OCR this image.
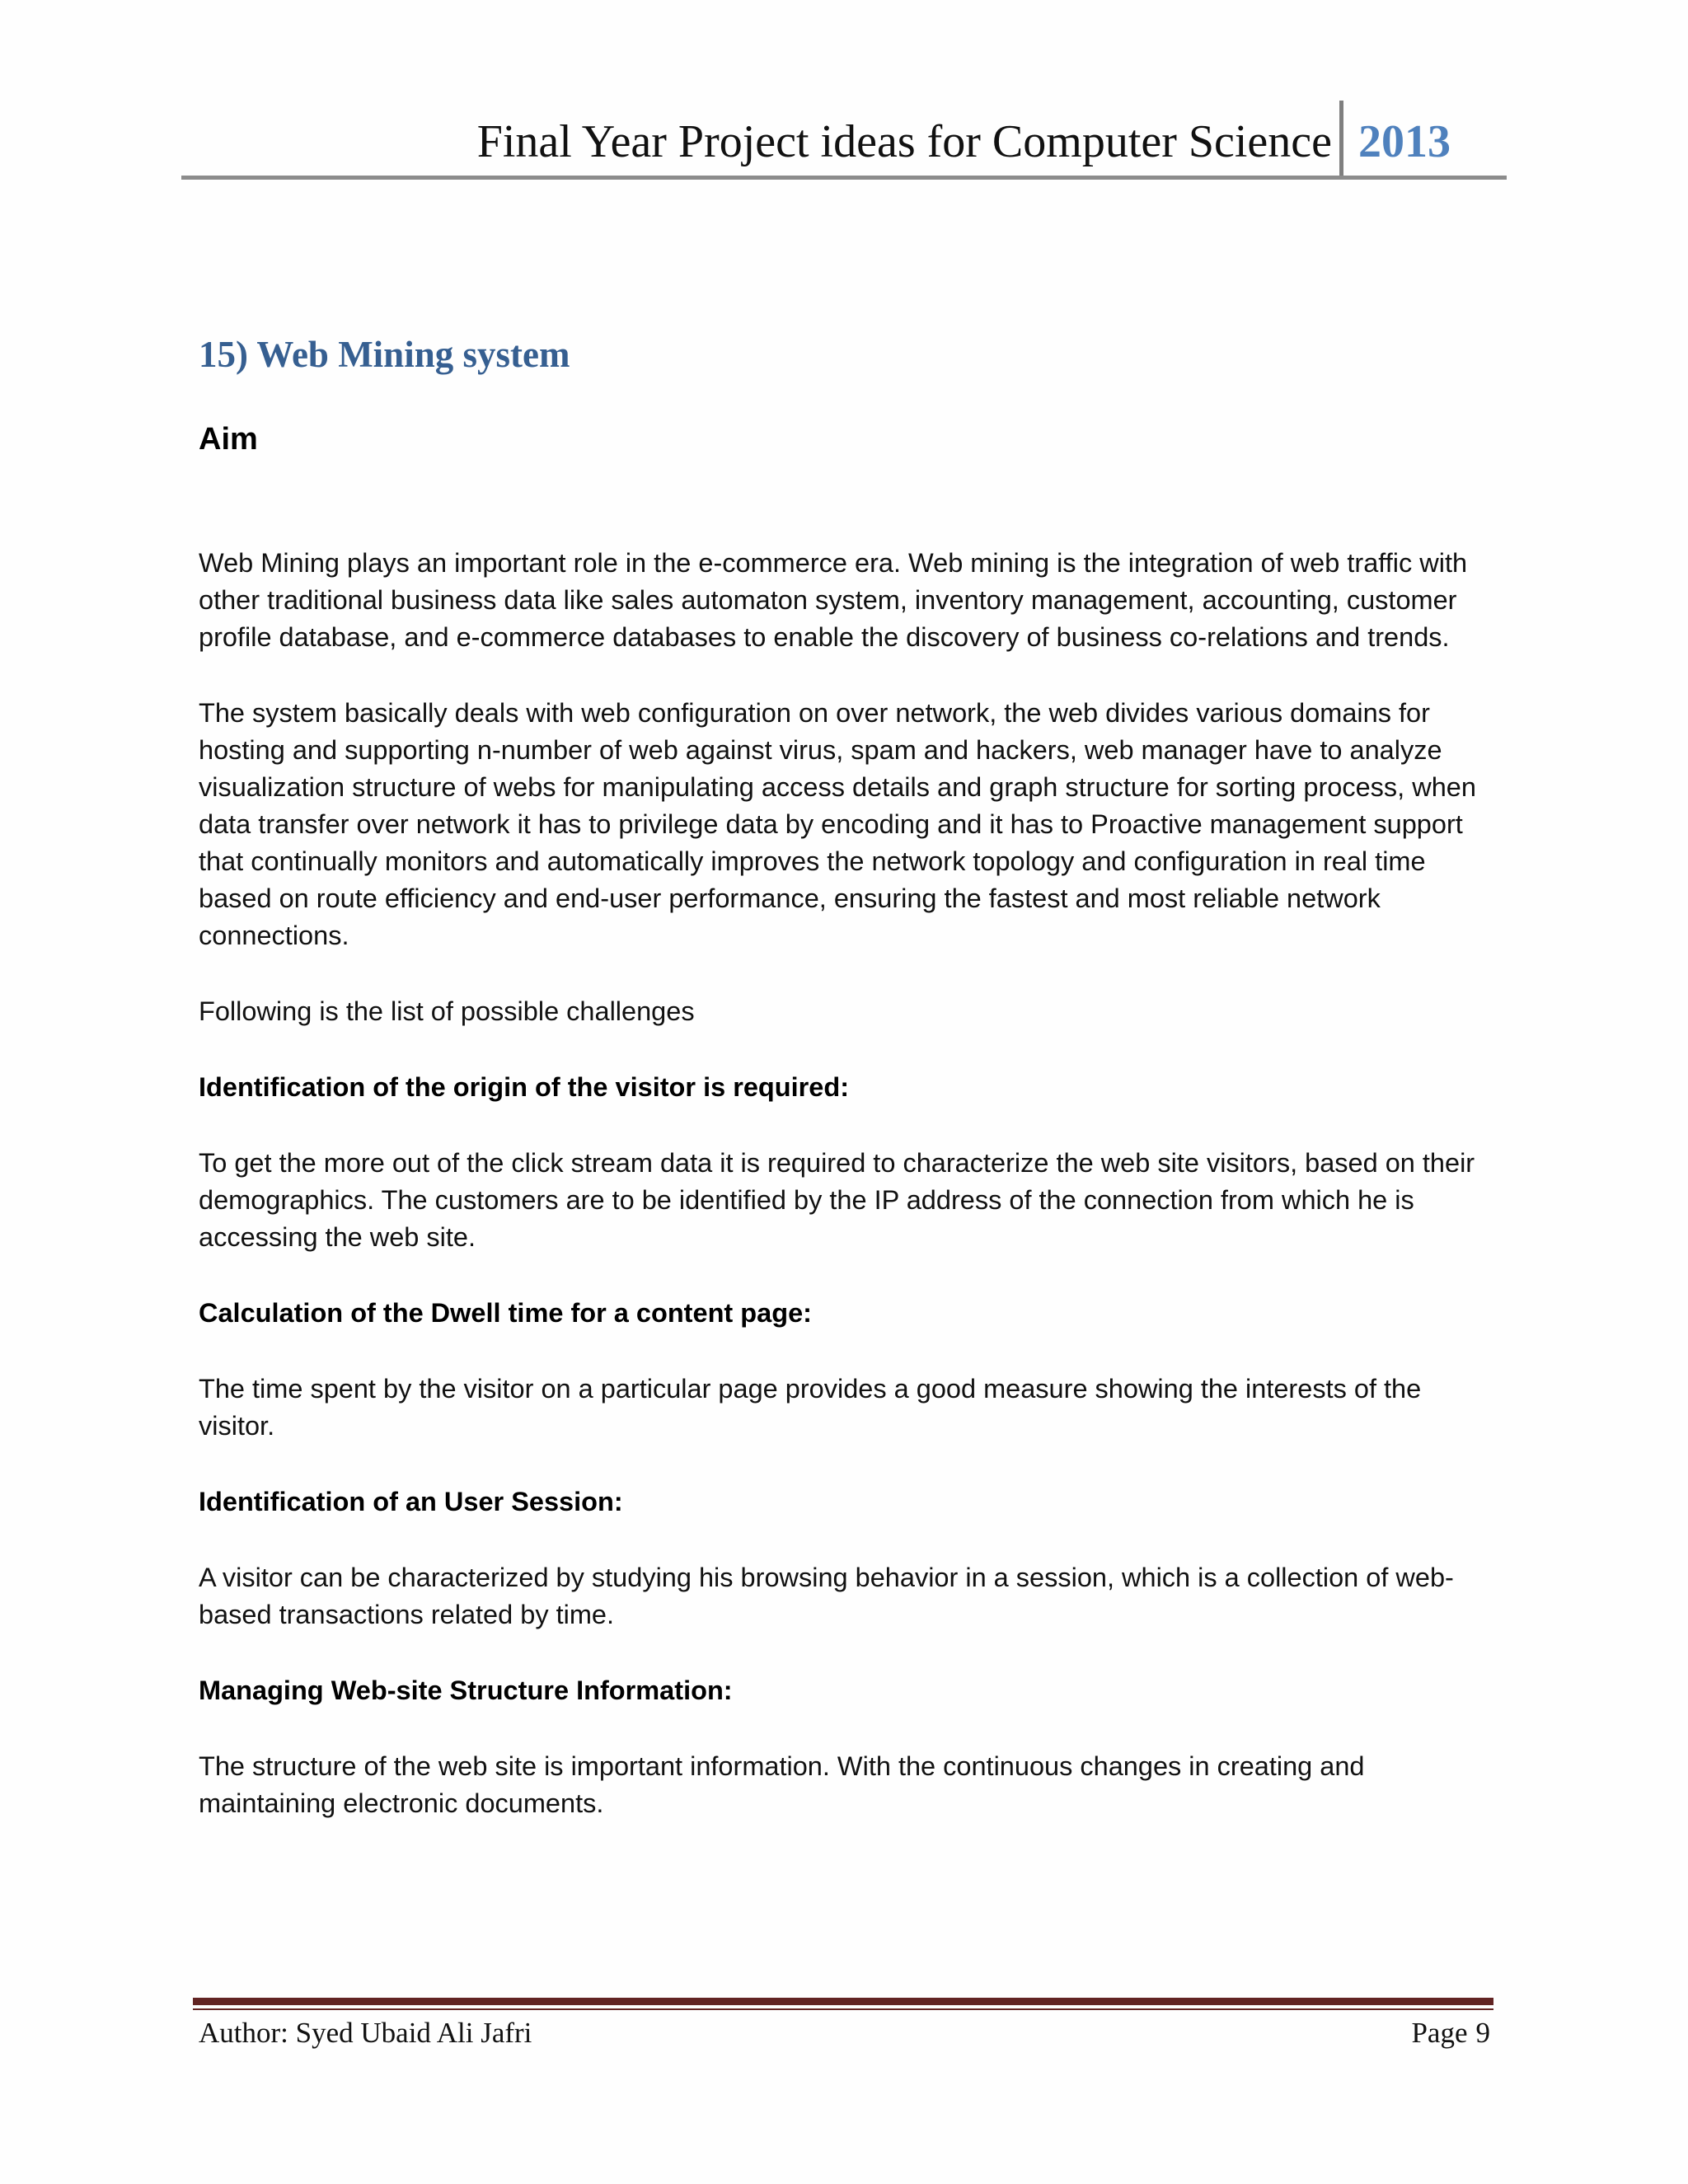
Final Year Project ideas for Computer Science 2013
15) Web Mining system
Aim

Web Mining plays an important role in the e-commerce era. Web mining is the integration of web traffic with other traditional business data like sales automaton system, inventory management, accounting, customer profile database, and e-commerce databases to enable the discovery of business co-relations and trends.

The system basically deals with web configuration on over network, the web divides various domains for hosting and supporting n-number of web against virus, spam and hackers, web manager have to analyze visualization structure of webs for manipulating access details and graph structure for sorting process, when data transfer over network it has to privilege data by encoding and it has to Proactive management support that continually monitors and automatically improves the network topology and configuration in real time based on route efficiency and end-user performance, ensuring the fastest and most reliable network connections.

Following is the list of possible challenges

Identification of the origin of the visitor is required:

To get the more out of the click stream data it is required to characterize the web site visitors, based on their demographics. The customers are to be identified by the IP address of the connection from which he is accessing the web site.

Calculation of the Dwell time for a content page:

The time spent by the visitor on a particular page provides a good measure showing the interests of the visitor.

Identification of an User Session:

A visitor can be characterized by studying his browsing behavior in a session, which is a collection of web-based transactions related by time.

Managing Web-site Structure Information:

The structure of the web site is important information. With the continuous changes in creating and maintaining electronic documents.

Author: Syed Ubaid Ali Jafri	Page 9
